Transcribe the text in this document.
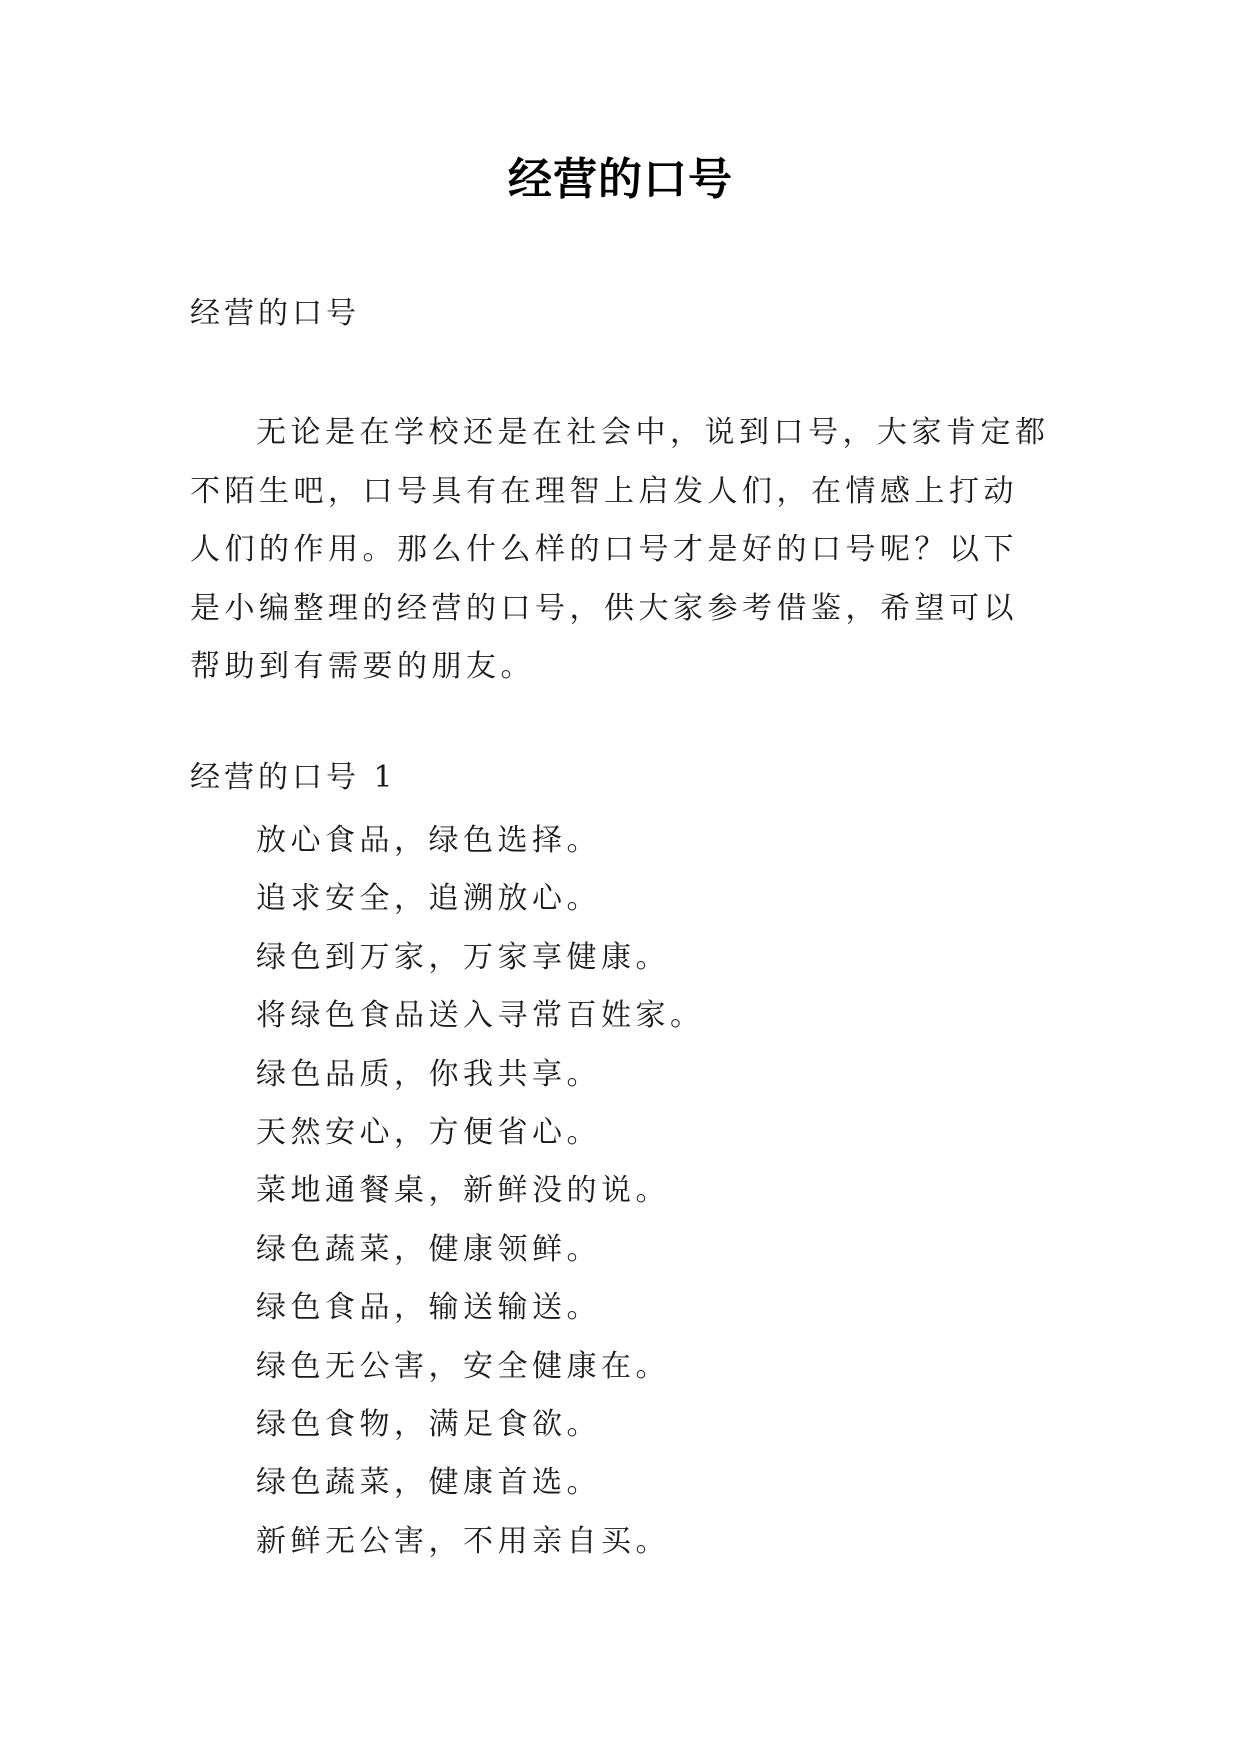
经营的口号
经营的口号

无论是在学校还是在社会中，说到口号，大家肯定都不陌生吧，口号具有在理智上启发人们，在情感上打动人们的作用。那么什么样的口号才是好的口号呢？以下是小编整理的经营的口号，供大家参考借鉴，希望可以帮助到有需要的朋友。

经营的口号 1
放心食品，绿色选择。
追求安全，追溯放心。
绿色到万家，万家享健康。
将绿色食品送入寻常百姓家。
绿色品质，你我共享。
天然安心，方便省心。
菜地通餐桌，新鲜没的说。
绿色蔬菜，健康领鲜。
绿色食品，输送输送。
绿色无公害，安全健康在。
绿色食物，满足食欲。
绿色蔬菜，健康首选。
新鲜无公害，不用亲自买。
